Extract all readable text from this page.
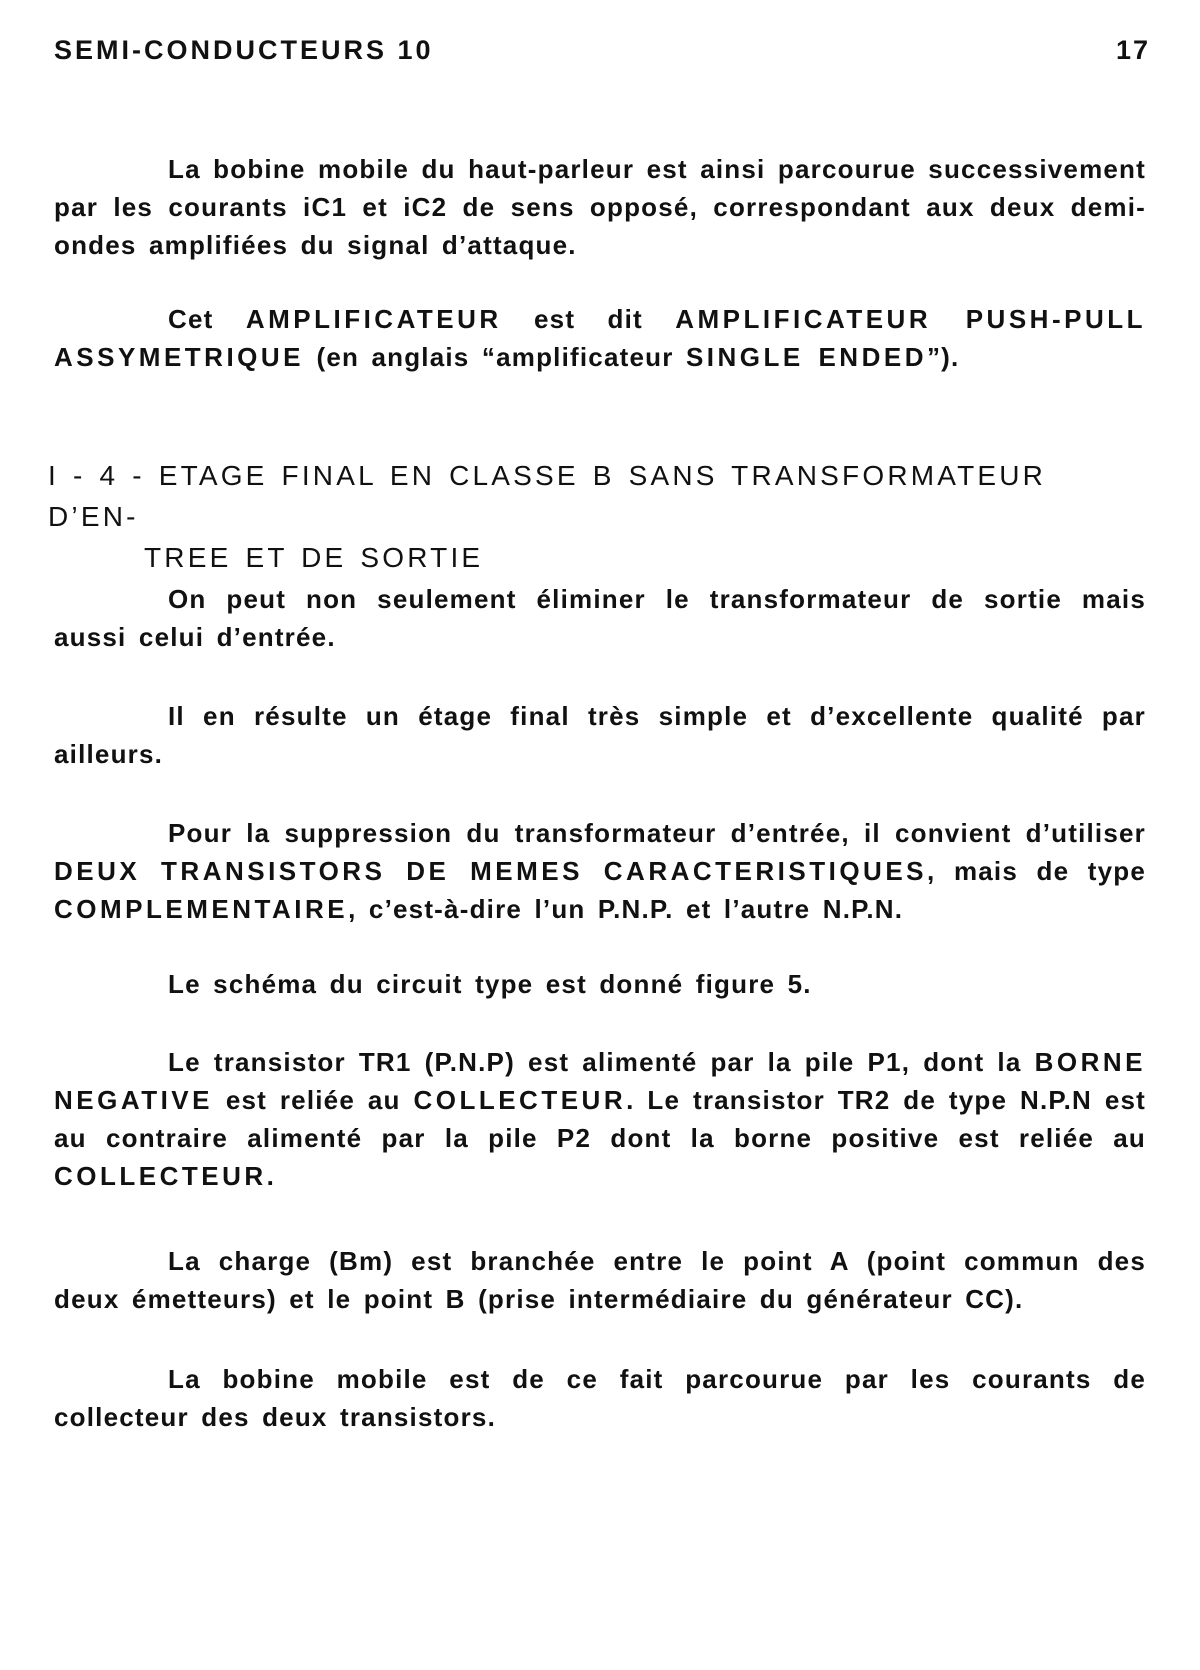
SEMI-CONDUCTEURS 10	17

La bobine mobile du haut-parleur est ainsi parcourue successivement par les courants iC1 et iC2 de sens opposé, correspondant aux deux demi-ondes amplifiées du signal d’attaque.

Cet AMPLIFICATEUR est dit AMPLIFICATEUR PUSH-PULL ASSYMETRIQUE (en anglais “amplificateur SINGLE ENDED”).

I - 4 - ETAGE FINAL EN CLASSE B SANS TRANSFORMATEUR D’EN-
TREE ET DE SORTIE

On peut non seulement éliminer le transformateur de sortie mais aussi celui d’entrée.

Il en résulte un étage final très simple et d’excellente qualité par ailleurs.

Pour la suppression du transformateur d’entrée, il convient d’utiliser DEUX TRANSISTORS DE MEMES CARACTERISTIQUES, mais de type COMPLEMENTAIRE, c’est-à-dire l’un P.N.P. et l’autre N.P.N.

Le schéma du circuit type est donné figure 5.

Le transistor TR1 (P.N.P) est alimenté par la pile P1, dont la BORNE NEGATIVE est reliée au COLLECTEUR. Le transistor TR2 de type N.P.N est au contraire alimenté par la pile P2 dont la borne positive est reliée au COLLECTEUR.

La charge (Bm) est branchée entre le point A (point commun des deux émetteurs) et le point B (prise intermédiaire du générateur CC).

La bobine mobile est de ce fait parcourue par les courants de collecteur des deux transistors.
